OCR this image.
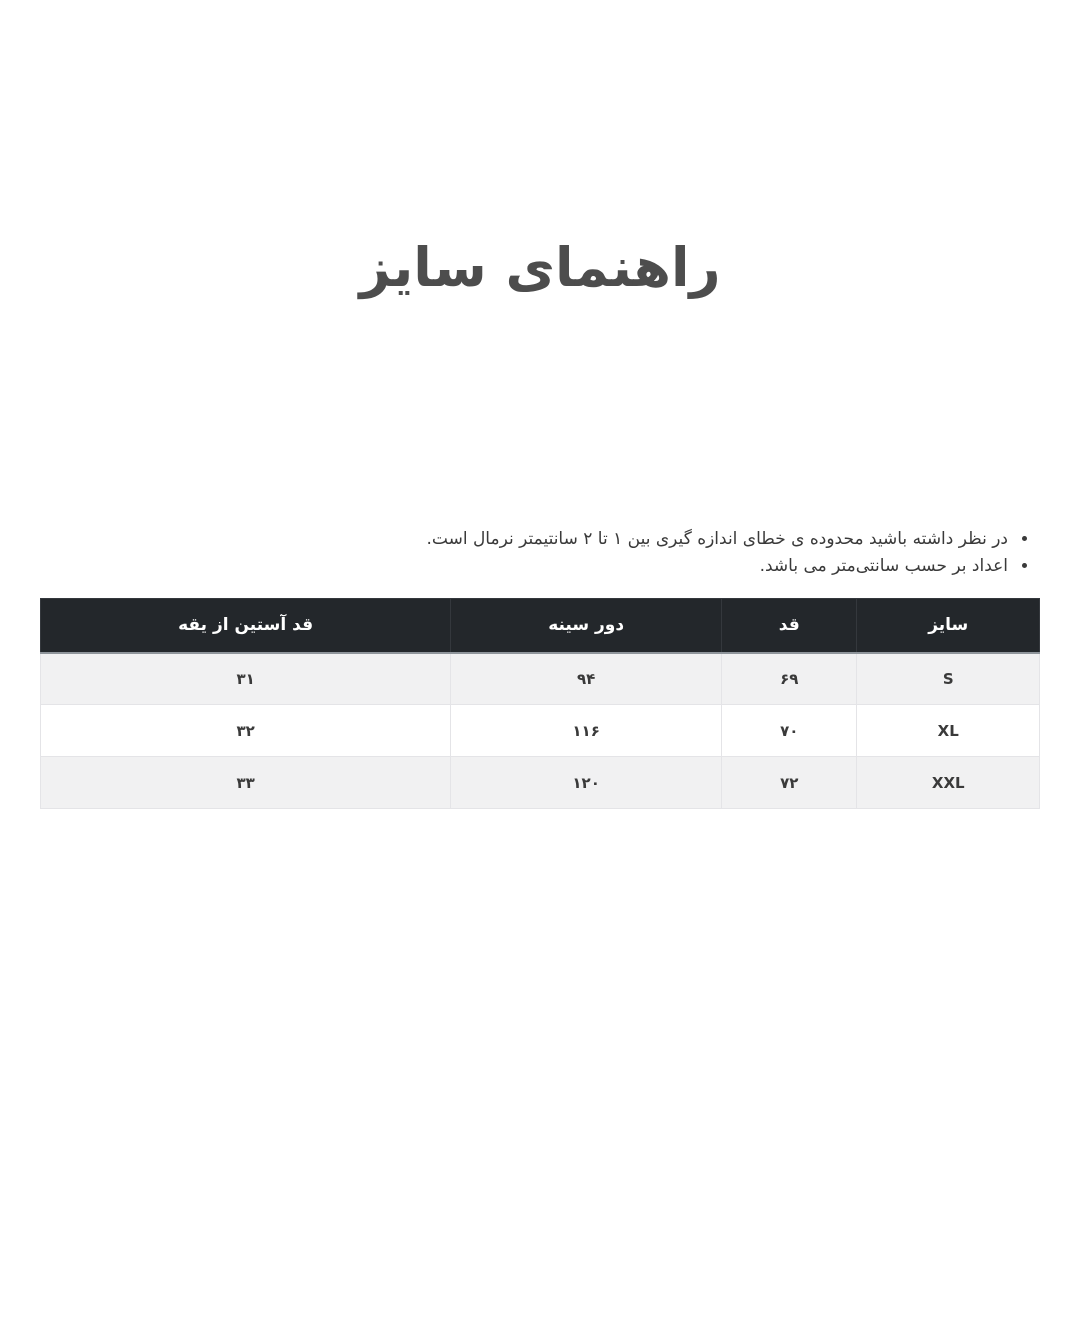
راهنمای سایز
• در نظر داشته باشید محدوده ی خطای اندازه گیری بین ۱ تا ۲ سانتیمتر نرمال است.
• اعداد بر حسب سانتی‌متر می باشد.
سایز	قد	دور سینه	قد آستین از یقه
S	۶۹	۹۴	۳۱
XL	۷۰	۱۱۶	۳۲
XXL	۷۲	۱۲۰	۳۳
